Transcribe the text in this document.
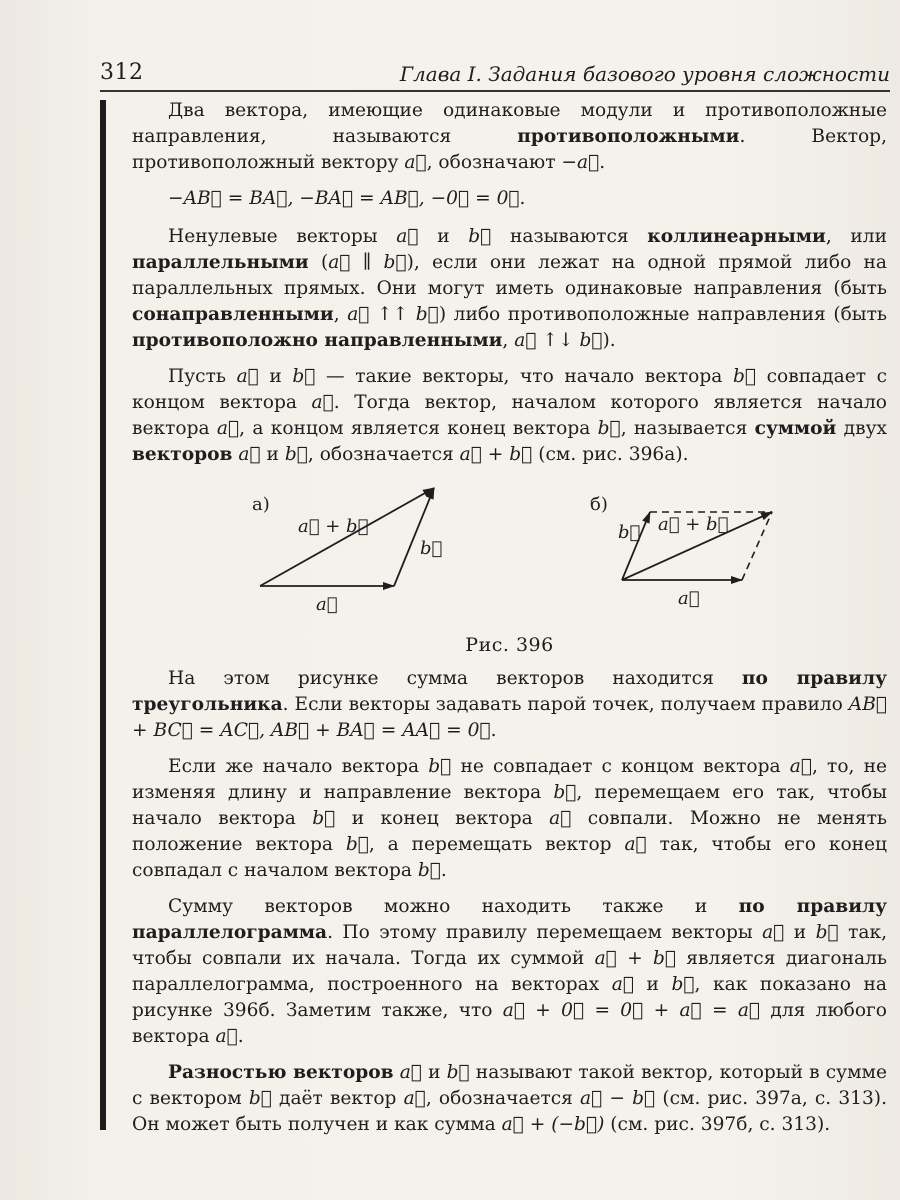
312	Глава I. Задания базового уровня сложности

Два вектора, имеющие одинаковые модули и противоположные направления, называются противоположными. Вектор, противоположный вектору a⃗, обозначают −a⃗.

−AB⃗ = BA⃗, −BA⃗ = AB⃗, −0⃗ = 0⃗.

Ненулевые векторы a⃗ и b⃗ называются коллинеарными, или параллельными (a⃗ ∥ b⃗), если они лежат на одной прямой либо на параллельных прямых. Они могут иметь одинаковые направления (быть сонаправленными, a⃗ ↑↑ b⃗) либо противоположные направления (быть противоположно направленными, a⃗ ↑↓ b⃗).

Пусть a⃗ и b⃗ — такие векторы, что начало вектора b⃗ совпадает с концом вектора a⃗. Тогда вектор, началом которого является начало вектора a⃗, а концом является конец вектора b⃗, называется суммой двух векторов a⃗ и b⃗, обозначается a⃗ + b⃗ (см. рис. 396а).

а)	б)
a⃗ + b⃗
b⃗
a⃗
b⃗ a⃗ + b⃗
a⃗
Рис. 396

На этом рисунке сумма векторов находится по правилу треугольника. Если векторы задавать парой точек, получаем правило AB⃗ + BC⃗ = AC⃗, AB⃗ + BA⃗ = AA⃗ = 0⃗.

Если же начало вектора b⃗ не совпадает с концом вектора a⃗, то, не изменяя длину и направление вектора b⃗, перемещаем его так, чтобы начало вектора b⃗ и конец вектора a⃗ совпали. Можно не менять положение вектора b⃗, а перемещать вектор a⃗ так, чтобы его конец совпадал с началом вектора b⃗.

Сумму векторов можно находить также и по правилу параллелограмма. По этому правилу перемещаем векторы a⃗ и b⃗ так, чтобы совпали их начала. Тогда их суммой a⃗ + b⃗ является диагональ параллелограмма, построенного на векторах a⃗ и b⃗, как показано на рисунке 396б. Заметим также, что a⃗ + 0⃗ = 0⃗ + a⃗ = a⃗ для любого вектора a⃗.

Разностью векторов a⃗ и b⃗ называют такой вектор, который в сумме с вектором b⃗ даёт вектор a⃗, обозначается a⃗ − b⃗ (см. рис. 397а, с. 313). Он может быть получен и как сумма a⃗ + (−b⃗) (см. рис. 397б, с. 313).
